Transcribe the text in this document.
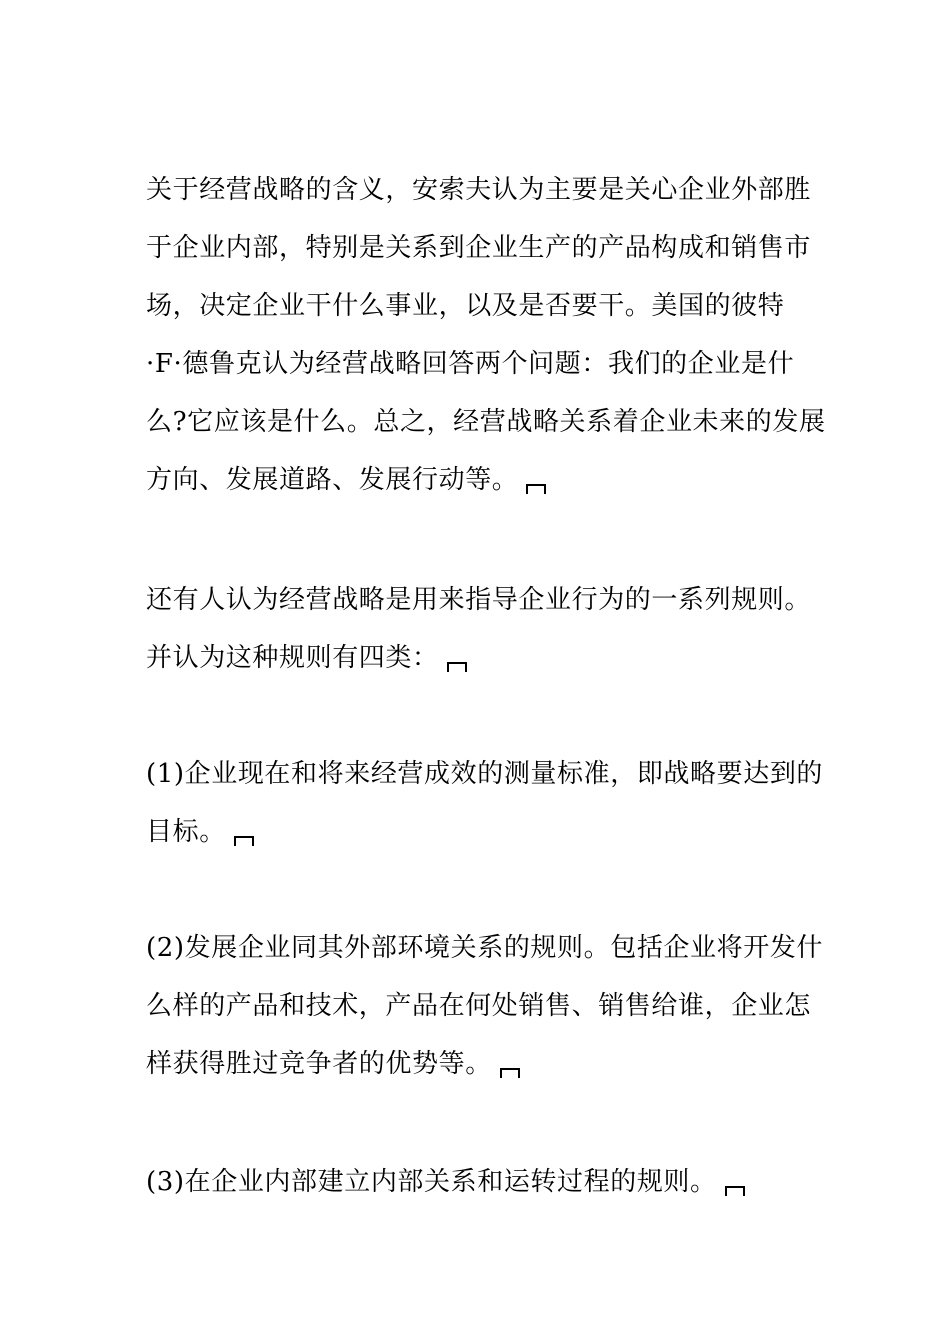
关于经营战略的含义，安索夫认为主要是关心企业外部胜
于企业内部，特别是关系到企业生产的产品构成和销售市
场，决定企业干什么事业，以及是否要干。美国的彼特
·F·德鲁克认为经营战略回答两个问题：我们的企业是什
么?它应该是什么。总之，经营战略关系着企业未来的发展
方向、发展道路、发展行动等。
还有人认为经营战略是用来指导企业行为的一系列规则。
并认为这种规则有四类：
(1)企业现在和将来经营成效的测量标准，即战略要达到的
目标。
(2)发展企业同其外部环境关系的规则。包括企业将开发什
么样的产品和技术，产品在何处销售、销售给谁，企业怎
样获得胜过竞争者的优势等。
(3)在企业内部建立内部关系和运转过程的规则。
